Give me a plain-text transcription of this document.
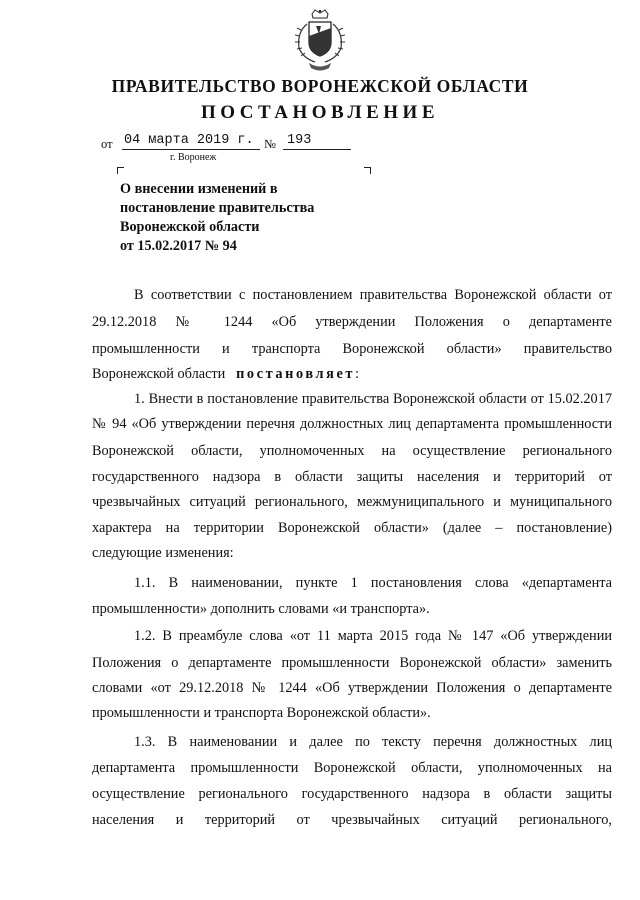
ПРАВИТЕЛЬСТВО ВОРОНЕЖСКОЙ ОБЛАСТИ
ПОСТАНОВЛЕНИЕ
от 04 марта 2019 г. № 193
г. Воронеж
О внесении изменений в
постановление правительства
Воронежской области
от 15.02.2017 № 94
В соответствии с постановлением правительства Воронежской области от
29.12.2018 № 1244 «Об утверждении Положения о департаменте
промышленности и транспорта Воронежской области» правительство
Воронежской области постановляет:
1. Внести в постановление правительства Воронежской области от 15.02.2017
№ 94 «Об утверждении перечня должностных лиц департамента промышленности
Воронежской области, уполномоченных на осуществление регионального
государственного надзора в области защиты населения и территорий от
чрезвычайных ситуаций регионального, межмуниципального и муниципального
характера на территории Воронежской области» (далее – постановление)
следующие изменения:
1.1. В наименовании, пункте 1 постановления слова «департамента
промышленности» дополнить словами «и транспорта».
1.2. В преамбуле слова «от 11 марта 2015 года № 147 «Об утверждении
Положения о департаменте промышленности Воронежской области» заменить
словами «от 29.12.2018 № 1244 «Об утверждении Положения о департаменте
промышленности и транспорта Воронежской области».
1.3. В наименовании и далее по тексту перечня должностных лиц
департамента промышленности Воронежской области, уполномоченных на
осуществление регионального государственного надзора в области защиты
населения и территорий от чрезвычайных ситуаций регионального,
